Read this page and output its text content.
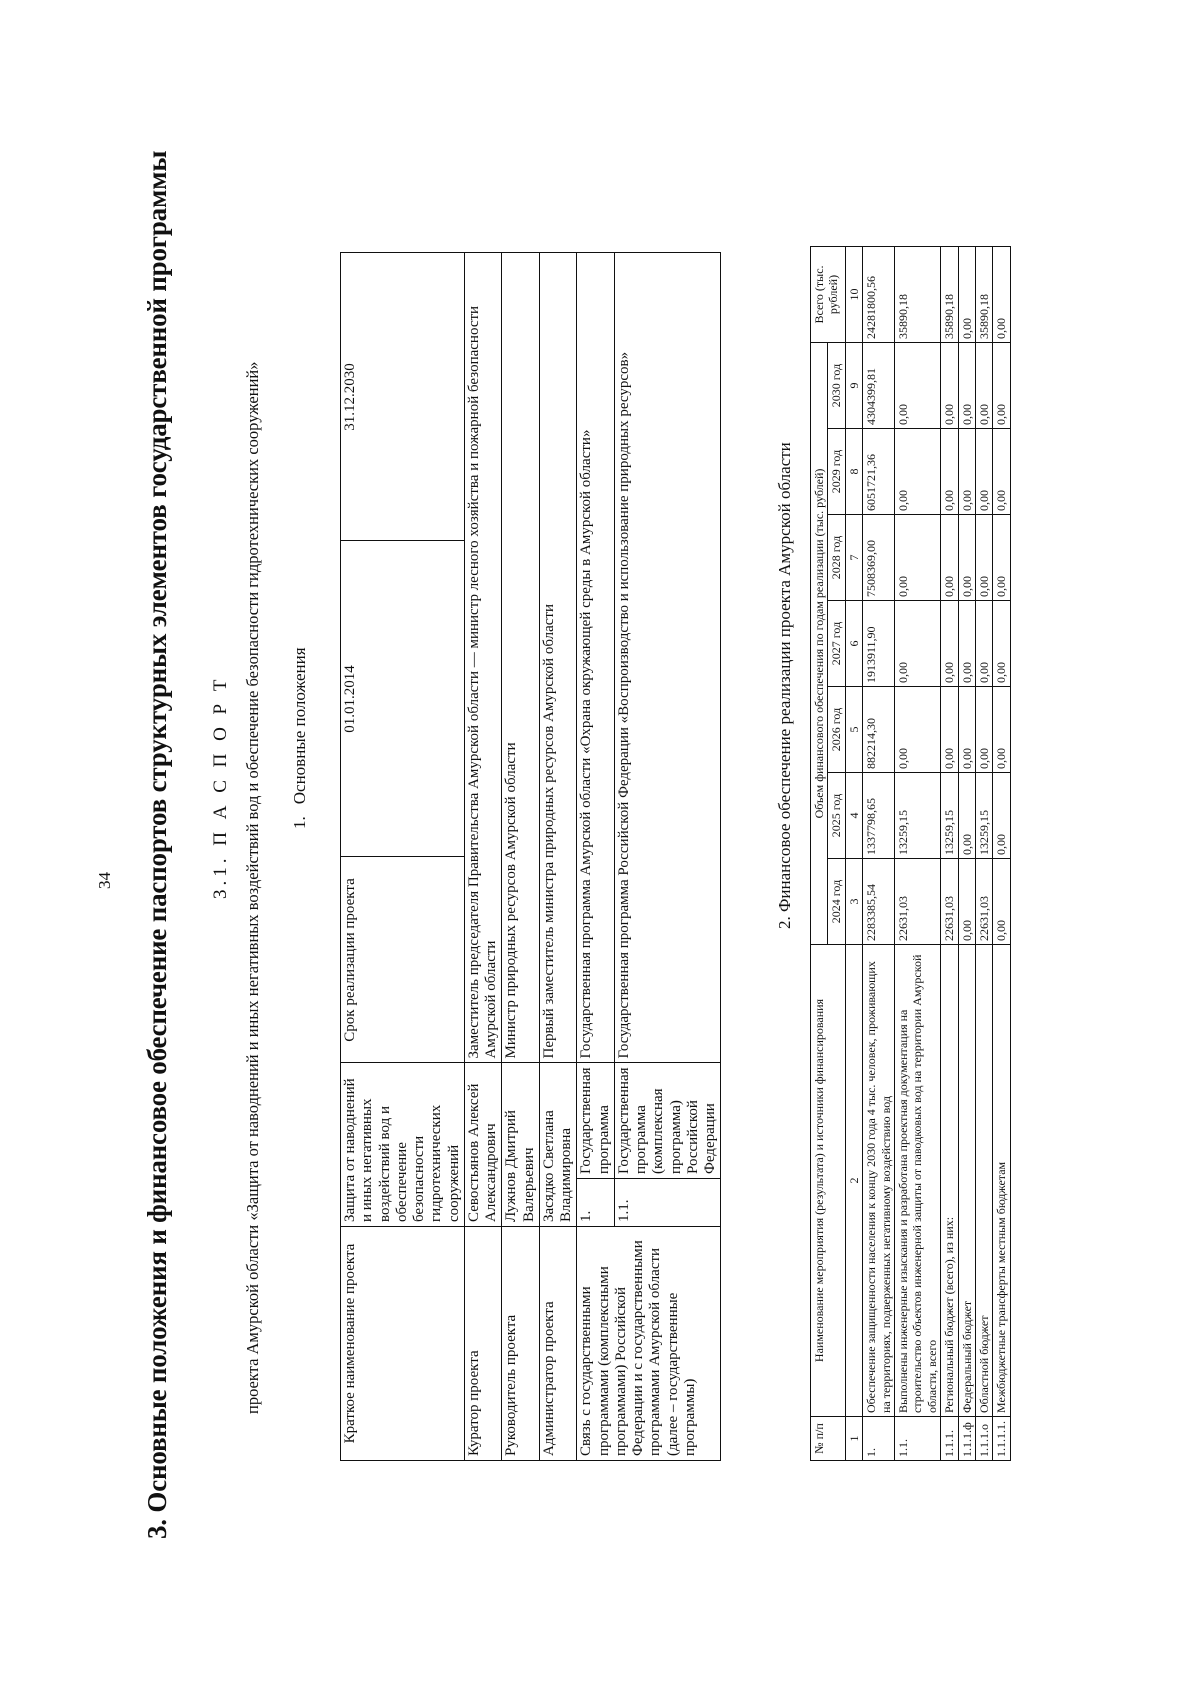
34 3. Основные положения и финансовое обеспечение паспортов структурных элементов государственной программы 3.1. П А С П О Р Т проекта Амурской области «Защита от наводнений и иных негативных воздействий вод и обеспечение безопасности гидротехнических сооружений» 1.Основные положения
Краткое наименование проекта	Защита от наводнений и иных негативных воздействий вод и обеспечение безопасности гидротехнических сооружений		Срок реализации проекта	01.01.2014	31.12.2030
Куратор проекта	Севостьянов Алексей Александрович		Заместитель председателя Правительства Амурской области — министр лесного хозяйства и пожарной безопасности Амурской области		
Руководитель проекта	Лужнов Дмитрий Валерьевич		Министр природных ресурсов Амурской области		
Администратор проекта	Засядко Светлана Владимировна		Первый заместитель министра природных ресурсов Амурской области		
Связь с государственными программами (комплексными программами) Российской Федерации и с государственными программами Амурской области (далее – государственные программы)	1.	Государственная программа	Государственная программа Амурской области «Охрана окружающей среды в Амурской области»		
	1.1.	Государственная программа (комплексная программа) Российской Федерации	Государственная программа Российской Федерации «Воспроизводство и использование природных ресурсов»			2. Финансовое обеспечение реализации проекта Амурской области
№ п/п	Наименование мероприятия (результата) и источники финансирования	Объем финансового обеспечения по годам реализации (тыс. рублей)							Всего (тыс. рублей)
		2024 год	2025 год	2026 год	2027 год	2028 год	2029 год	2030 год	
1	2	3	4	5	6	7	8	9	10
1.	Обеспечение защищенности населения к концу 2030 года 4 тыс. человек, проживающих на территориях, подверженных негативному воздействию вод	2283385,54	1337798,65	882214,30	1913911,90	7508369,00	6051721,36	4304399,81	24281800,56
1.1.	Выполнены инженерные изыскания и разработана проектная документация на строительство объектов инженерной защиты от паводковых вод на территории Амурской области, всего	22631,03	13259,15	0,00	0,00	0,00	0,00	0,00	35890,18
1.1.1.	Региональный бюджет (всего), из них:	22631,03	13259,15	0,00	0,00	0,00	0,00	0,00	35890,18
1.1.1.ф	Федеральный бюджет	0,00	0,00	0,00	0,00	0,00	0,00	0,00	0,00
1.1.1.о	Областной бюджет	22631,03	13259,15	0,00	0,00	0,00	0,00	0,00	35890,18
1.1.1.1.	Межбюджетные трансферты местным бюджетам	0,00	0,00	0,00	0,00	0,00	0,00	0,00	0,00
